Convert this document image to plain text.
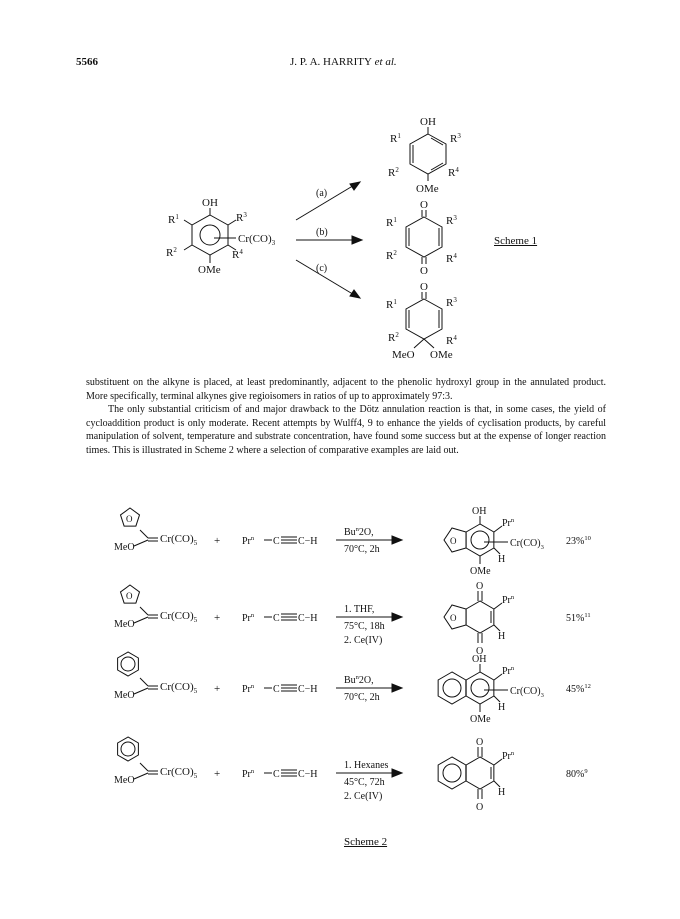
5566	J. P. A. HARRITY et al.
OH
$R^1$	$R^3$
$R^2$	$R^4$
$Cr(CO)_3$
OMe
(a)
(b)
(c)
OH
$R^1$	$R^3$
$R^2$	$R^4$
OMe
O
O
$R^1$	$R^3$
$R^2$	$R^4$
O
$R^1$	$R^3$
$R^2$	$R^4$
MeO OMe
Scheme 1

substituent on the alkyne is placed, at least predominantly, adjacent to the phenolic hydroxyl group in the annulated product. More specifically, terminal alkynes give regioisomers in ratios of up to approximately 97:3.

The only substantial criticism of and major drawback to the Dötz annulation reaction is that, in some cases, the yield of cycloaddition product is only moderate. Recent attempts by Wulff4, 9 to enhance the yields of cyclisation products, by careful manipulation of solvent, temperature and substrate concentration, have found some success but at the expense of longer reaction times. This is illustrated in Scheme 2 where a selection of comparative examples are laid out.

O
MeO
$Cr(CO)_5 + Pr^n$ C C−H
Bu$^n$2O,
70°C, 2h
O
OH
OMe
$Cr(CO)_3$
Pr$^n$
H
23%$^{10}$
O
MeO
$Cr(CO)_5 + Pr^n$ C C−H
1. THF,
75°C, 18h
2. Ce(IV)
O
O
O
Pr$^n$
H
51%$^{11}$
MeO
$Cr(CO)_5 + Pr^n$ C C−H
Bu$^n$2O,
70°C, 2h
OH
OMe
$Cr(CO)_3$
Pr$^n$
H
45%$^{12}$
MeO
$Cr(CO)_5 + Pr^n$ C C−H
1. Hexanes
45°C, 72h
2. Ce(IV)
O
O
Pr$^n$
H
80%$^9$
Scheme 2
